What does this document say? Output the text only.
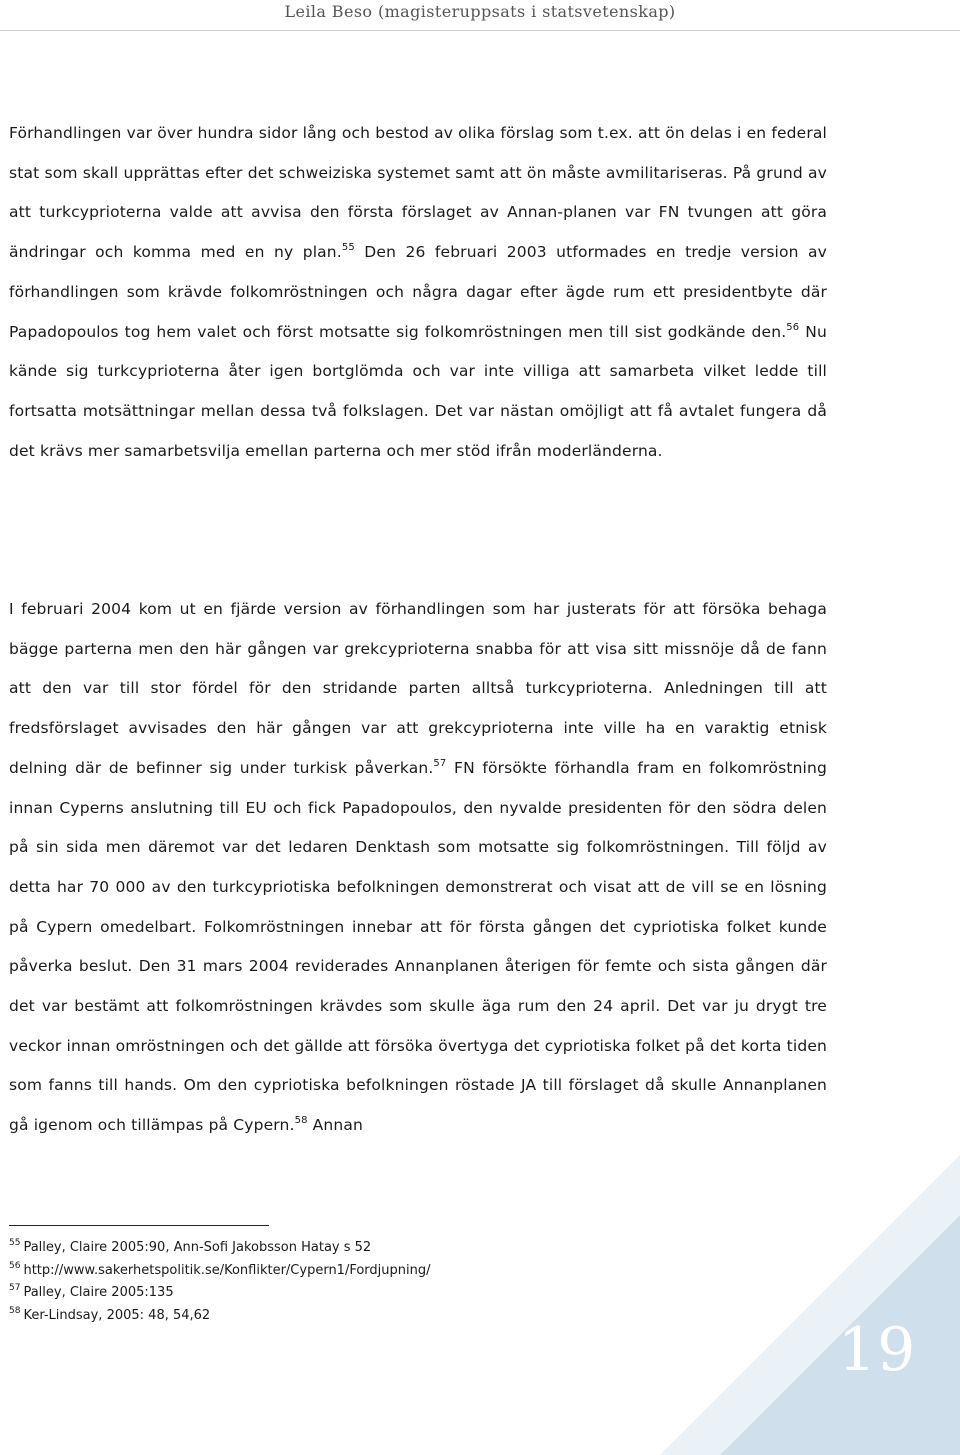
Leila Beso (magisteruppsats i statsvetenskap)
Förhandlingen var över hundra sidor lång och bestod av olika förslag som t.ex. att ön delas i en federal stat som skall upprättas efter det schweiziska systemet samt att ön måste avmilitariseras. På grund av att turkcyprioterna valde att avvisa den första förslaget av Annan-planen var FN tvungen att göra ändringar och komma med en ny plan.$^{55}$ Den 26 februari 2003 utformades en tredje version av förhandlingen som krävde folkomröstningen och några dagar efter ägde rum ett presidentbyte där Papadopoulos tog hem valet och först motsatte sig folkomröstningen men till sist godkände den.$^{56}$ Nu kände sig turkcyprioterna åter igen bortglömda och var inte villiga att samarbeta vilket ledde till fortsatta motsättningar mellan dessa två folkslagen. Det var nästan omöjligt att få avtalet fungera då det krävs mer samarbetsvilja emellan parterna och mer stöd ifrån moderländerna.
I februari 2004 kom ut en fjärde version av förhandlingen som har justerats för att försöka behaga bägge parterna men den här gången var grekcyprioterna snabba för att visa sitt missnöje då de fann att den var till stor fördel för den stridande parten alltså turkcyprioterna. Anledningen till att fredsförslaget avvisades den här gången var att grekcyprioterna inte ville ha en varaktig etnisk delning där de befinner sig under turkisk påverkan.$^{57}$ FN försökte förhandla fram en folkomröstning innan Cyperns anslutning till EU och fick Papadopoulos, den nyvalde presidenten för den södra delen på sin sida men däremot var det ledaren Denktash som motsatte sig folkomröstningen. Till följd av detta har 70 000 av den turkcypriotiska befolkningen demonstrerat och visat att de vill se en lösning på Cypern omedelbart. Folkomröstningen innebar att för första gången det cypriotiska folket kunde påverka beslut. Den 31 mars 2004 reviderades Annanplanen återigen för femte och sista gången där det var bestämt att folkomröstningen krävdes som skulle äga rum den 24 april. Det var ju drygt tre veckor innan omröstningen och det gällde att försöka övertyga det cypriotiska folket på det korta tiden som fanns till hands. Om den cypriotiska befolkningen röstade JA till förslaget då skulle Annanplanen gå igenom och tillämpas på Cypern.$^{58}$ Annan
$^{55}$ Palley, Claire 2005:90, Ann-Sofi Jakobsson Hatay s 52
$^{56}$ http://www.sakerhetspolitik.se/Konflikter/Cypern1/Fordjupning/
$^{57}$ Palley, Claire 2005:135
$^{58}$ Ker-Lindsay, 2005: 48, 54,62	19
